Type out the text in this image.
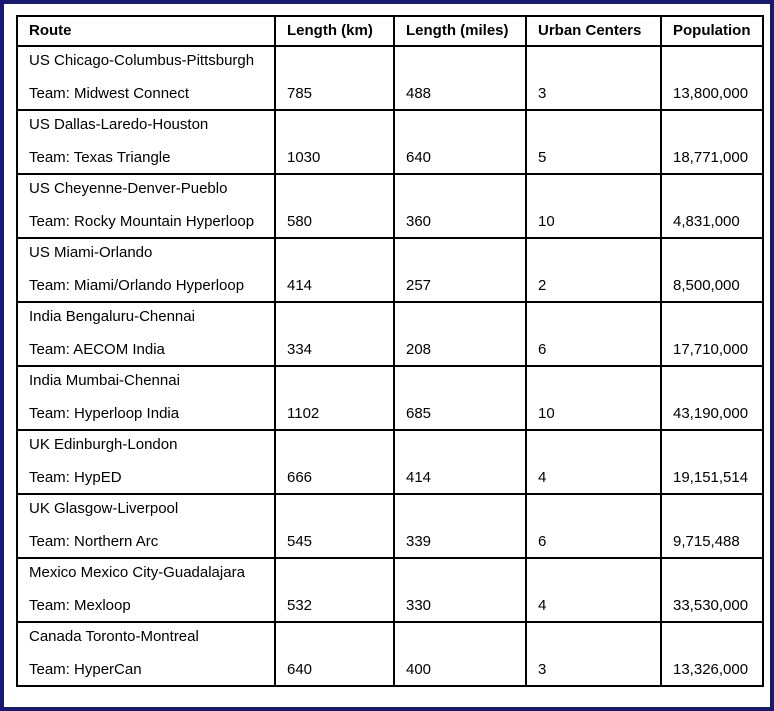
Route	Length (km)	Length (miles)	Urban Centers	Population

US Chicago-Columbus-Pittsburgh
Team: Midwest Connect	785	488	3	13,800,000

US Dallas-Laredo-Houston
Team: Texas Triangle	1030	640	5	18,771,000

US Cheyenne-Denver-Pueblo
Team: Rocky Mountain Hyperloop	580	360	10	4,831,000

US Miami-Orlando
Team: Miami/Orlando Hyperloop	414	257	2	8,500,000

India Bengaluru-Chennai
Team: AECOM India	334	208	6	17,710,000

India Mumbai-Chennai
Team: Hyperloop India	1102	685	10	43,190,000

UK Edinburgh-London
Team: HypED	666	414	4	19,151,514

UK Glasgow-Liverpool
Team: Northern Arc	545	339	6	9,715,488

Mexico Mexico City-Guadalajara
Team: Mexloop	532	330	4	33,530,000

Canada Toronto-Montreal
Team: HyperCan	640	400	3	13,326,000
